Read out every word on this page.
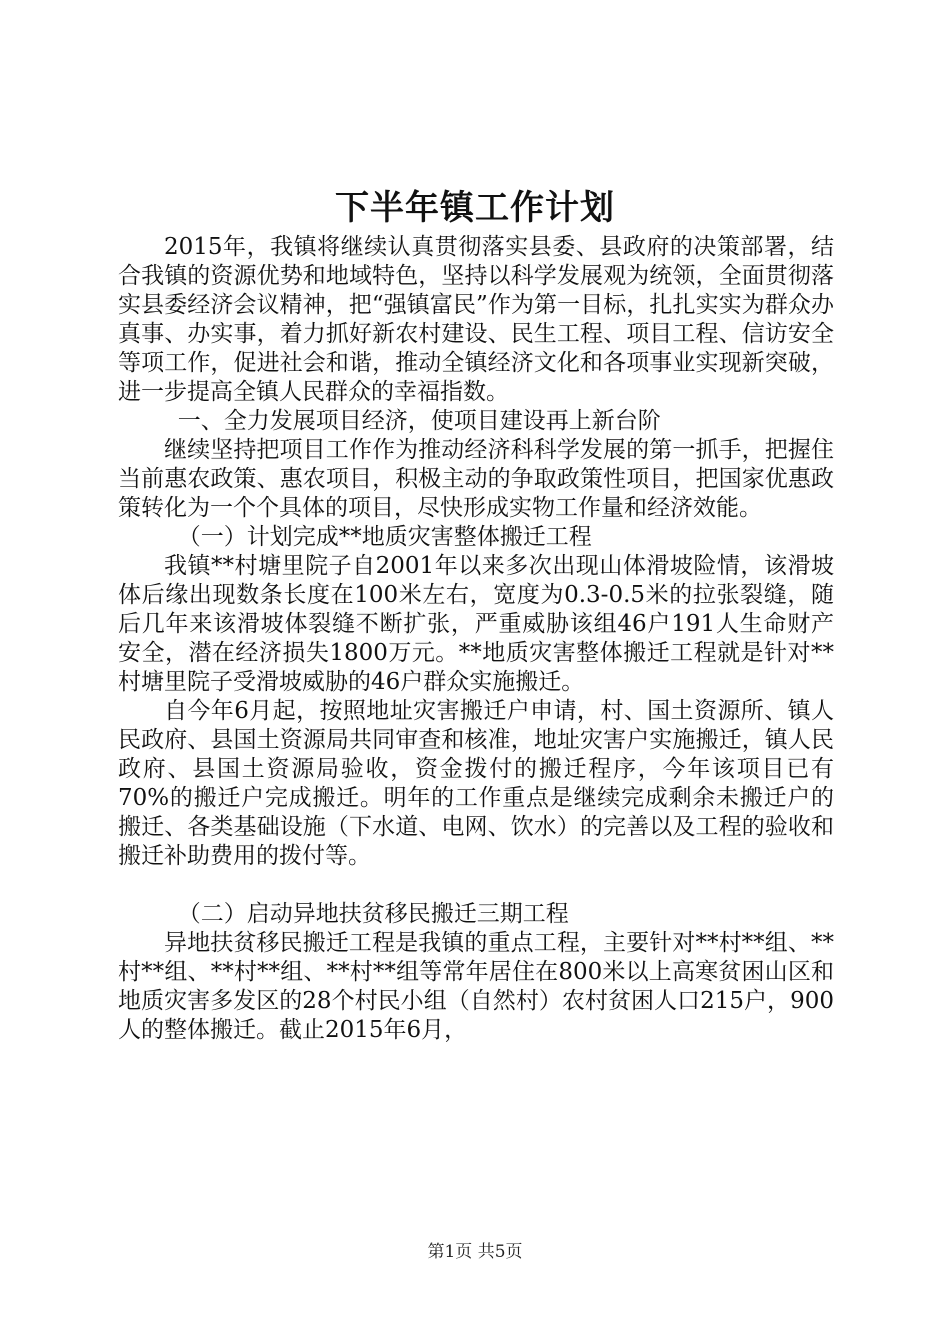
下半年镇工作计划

2015年，我镇将继续认真贯彻落实县委、县政府的决策部署，结合我镇的资源优势和地域特色，坚持以科学发展观为统领，全面贯彻落实县委经济会议精神，把“强镇富民”作为第一目标，扎扎实实为群众办真事、办实事，着力抓好新农村建设、民生工程、项目工程、信访安全等项工作，促进社会和谐，推动全镇经济文化和各项事业实现新突破，进一步提高全镇人民群众的幸福指数。

一、全力发展项目经济，使项目建设再上新台阶

继续坚持把项目工作作为推动经济科科学发展的第一抓手，把握住当前惠农政策、惠农项目，积极主动的争取政策性项目，把国家优惠政策转化为一个个具体的项目，尽快形成实物工作量和经济效能。

（一）计划完成**地质灾害整体搬迁工程

我镇**村塘里院子自2001年以来多次出现山体滑坡险情，该滑坡体后缘出现数条长度在100米左右，宽度为0.3-0.5米的拉张裂缝，随后几年来该滑坡体裂缝不断扩张，严重威胁该组46户191人生命财产安全，潜在经济损失1800万元。**地质灾害整体搬迁工程就是针对**村塘里院子受滑坡威胁的46户群众实施搬迁。

自今年6月起，按照地址灾害搬迁户申请，村、国土资源所、镇人民政府、县国土资源局共同审查和核准，地址灾害户实施搬迁，镇人民政府、县国土资源局验收，资金拨付的搬迁程序，今年该项目已有70%的搬迁户完成搬迁。明年的工作重点是继续完成剩余未搬迁户的搬迁、各类基础设施（下水道、电网、饮水）的完善以及工程的验收和搬迁补助费用的拨付等。

（二）启动异地扶贫移民搬迁三期工程

异地扶贫移民搬迁工程是我镇的重点工程，主要针对**村**组、**村**组、**村**组、**村**组等常年居住在800米以上高寒贫困山区和地质灾害多发区的28个村民小组（自然村）农村贫困人口215户，900人的整体搬迁。截止2015年6月，

第1页 共5页
